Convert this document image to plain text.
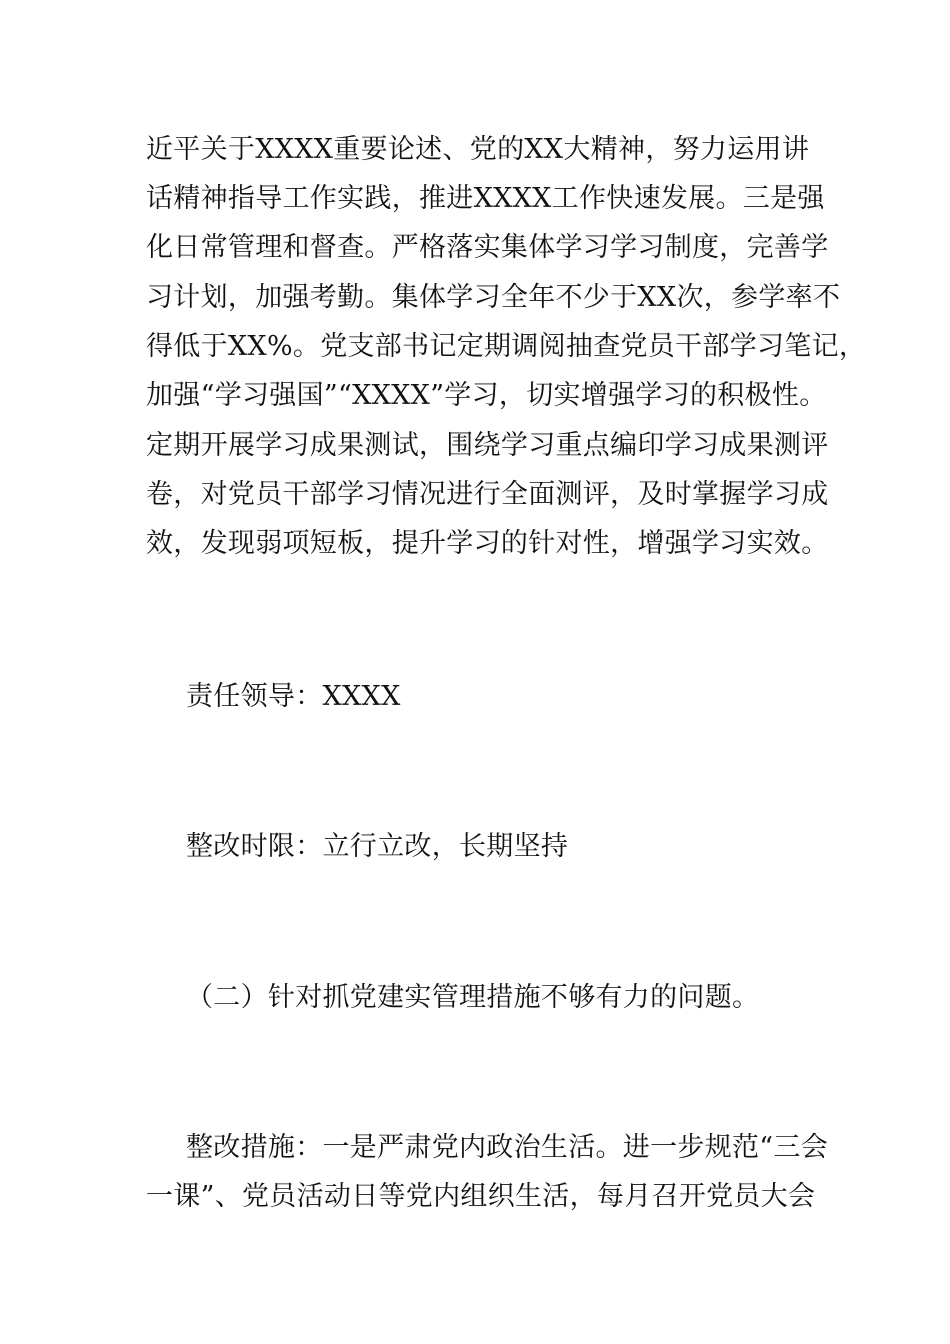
近平关于XXXX重要论述、党的XX大精神，努力运用讲
话精神指导工作实践，推进XXXX工作快速发展。三是强
化日常管理和督查。严格落实集体学习学习制度，完善学
习计划，加强考勤。集体学习全年不少于XX次，参学率不
得低于XX%。党支部书记定期调阅抽查党员干部学习笔记，
加强“学习强国”“XXXX”学习，切实增强学习的积极性。
定期开展学习成果测试，围绕学习重点编印学习成果测评
卷，对党员干部学习情况进行全面测评，及时掌握学习成
效，发现弱项短板，提升学习的针对性，增强学习实效。
责任领导：XXXX
整改时限：立行立改，长期坚持
（二）针对抓党建实管理措施不够有力的问题。
整改措施：一是严肃党内政治生活。进一步规范“三会
一课”、党员活动日等党内组织生活，每月召开党员大会
